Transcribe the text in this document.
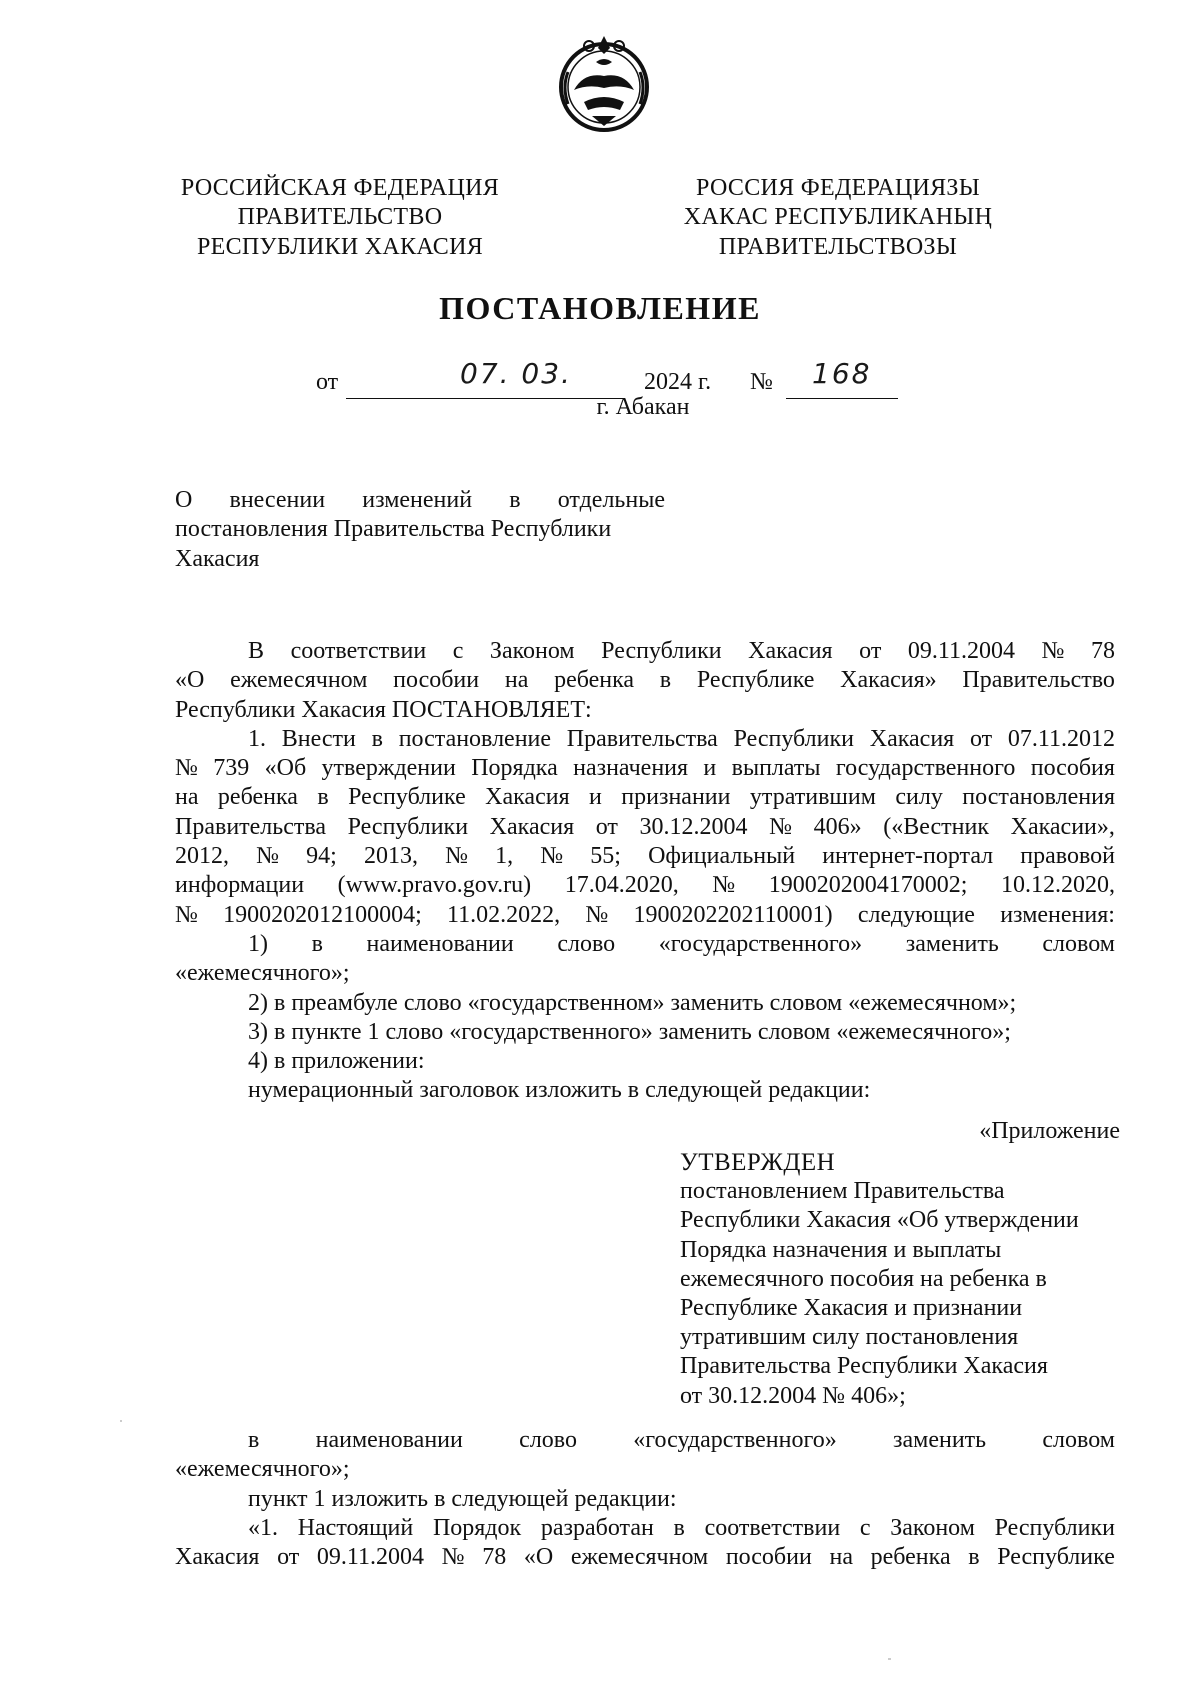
РОССИЙСКАЯ ФЕДЕРАЦИЯ
ПРАВИТЕЛЬСТВО
РЕСПУБЛИКИ ХАКАСИЯ
РОССИЯ ФЕДЕРАЦИЯЗЫ
ХАКАС РЕСПУБЛИКАНЫҢ
ПРАВИТЕЛЬСТВОЗЫ
ПОСТАНОВЛЕНИЕ
от	07. 03.	2024 г. № 168
г. Абакан
О внесении изменений в отдельные
постановления Правительства Республики
Хакасия
В соответствии с Законом Республики Хакасия от 09.11.2004 № 78
«О ежемесячном пособии на ребенка в Республике Хакасия» Правительство
Республики Хакасия ПОСТАНОВЛЯЕТ:
1. Внести в постановление Правительства Республики Хакасия от 07.11.2012
№ 739 «Об утверждении Порядка назначения и выплаты государственного пособия
на ребенка в Республике Хакасия и признании утратившим силу постановления
Правительства Республики Хакасия от 30.12.2004 № 406» («Вестник Хакасии»,
2012, № 94; 2013, № 1, № 55; Официальный интернет-портал правовой
информации (www.pravo.gov.ru) 17.04.2020, № 1900202004170002; 10.12.2020,
№ 1900202012100004; 11.02.2022, № 1900202202110001) следующие изменения:
1) в наименовании слово «государственного» заменить словом
«ежемесячного»;
2) в преамбуле слово «государственном» заменить словом «ежемесячном»;
3) в пункте 1 слово «государственного» заменить словом «ежемесячного»;
4) в приложении:
нумерационный заголовок изложить в следующей редакции:
«Приложение
УТВЕРЖДЕН
постановлением Правительства
Республики Хакасия «Об утверждении
Порядка назначения и выплаты
ежемесячного пособия на ребенка в
Республике Хакасия и признании
утратившим силу постановления
Правительства Республики Хакасия
от 30.12.2004 № 406»;
в наименовании слово «государственного» заменить словом
«ежемесячного»;
пункт 1 изложить в следующей редакции:
«1. Настоящий Порядок разработан в соответствии с Законом Республики
Хакасия от 09.11.2004 № 78 «О ежемесячном пособии на ребенка в Республике
